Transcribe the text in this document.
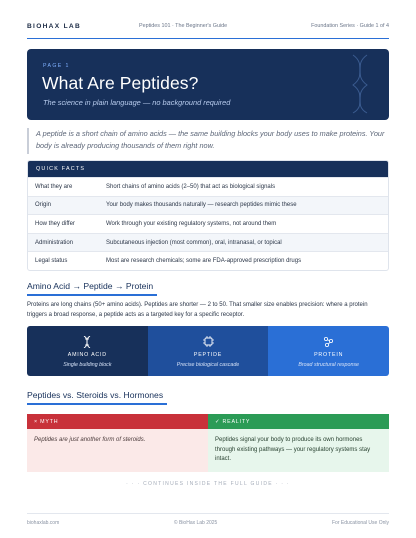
BIOHAX LAB	Peptides 101 · The Beginner's Guide	Foundation Series · Guide 1 of 4
PAGE 1
What Are Peptides?
The science in plain language — no background required
A peptide is a short chain of amino acids — the same building blocks your body uses to make proteins. Your body is already producing thousands of them right now.
QUICK FACTS
What they are	Short chains of amino acids (2–50) that act as biological signals
Origin	Your body makes thousands naturally — research peptides mimic these
How they differ	Work through your existing regulatory systems, not around them
Administration	Subcutaneous injection (most common), oral, intranasal, or topical
Legal status	Most are research chemicals; some are FDA-approved prescription drugs
Amino Acid → Peptide → Protein
Proteins are long chains (50+ amino acids). Peptides are shorter — 2 to 50. That smaller size enables precision: where a protein triggers a broad response, a peptide acts as a targeted key for a specific receptor.
AMINO ACID
Single building block
PEPTIDE
Precise biological cascade
PROTEIN
Broad structural response
Peptides vs. Steroids vs. Hormones
× MYTH
Peptides are just another form of steroids.
✓ REALITY
Peptides signal your body to produce its own hormones through existing pathways — your regulatory systems stay intact.
· · · CONTINUES INSIDE THE FULL GUIDE · · ·
biohaxlab.com	© BioHax Lab 2025	For Educational Use Only
